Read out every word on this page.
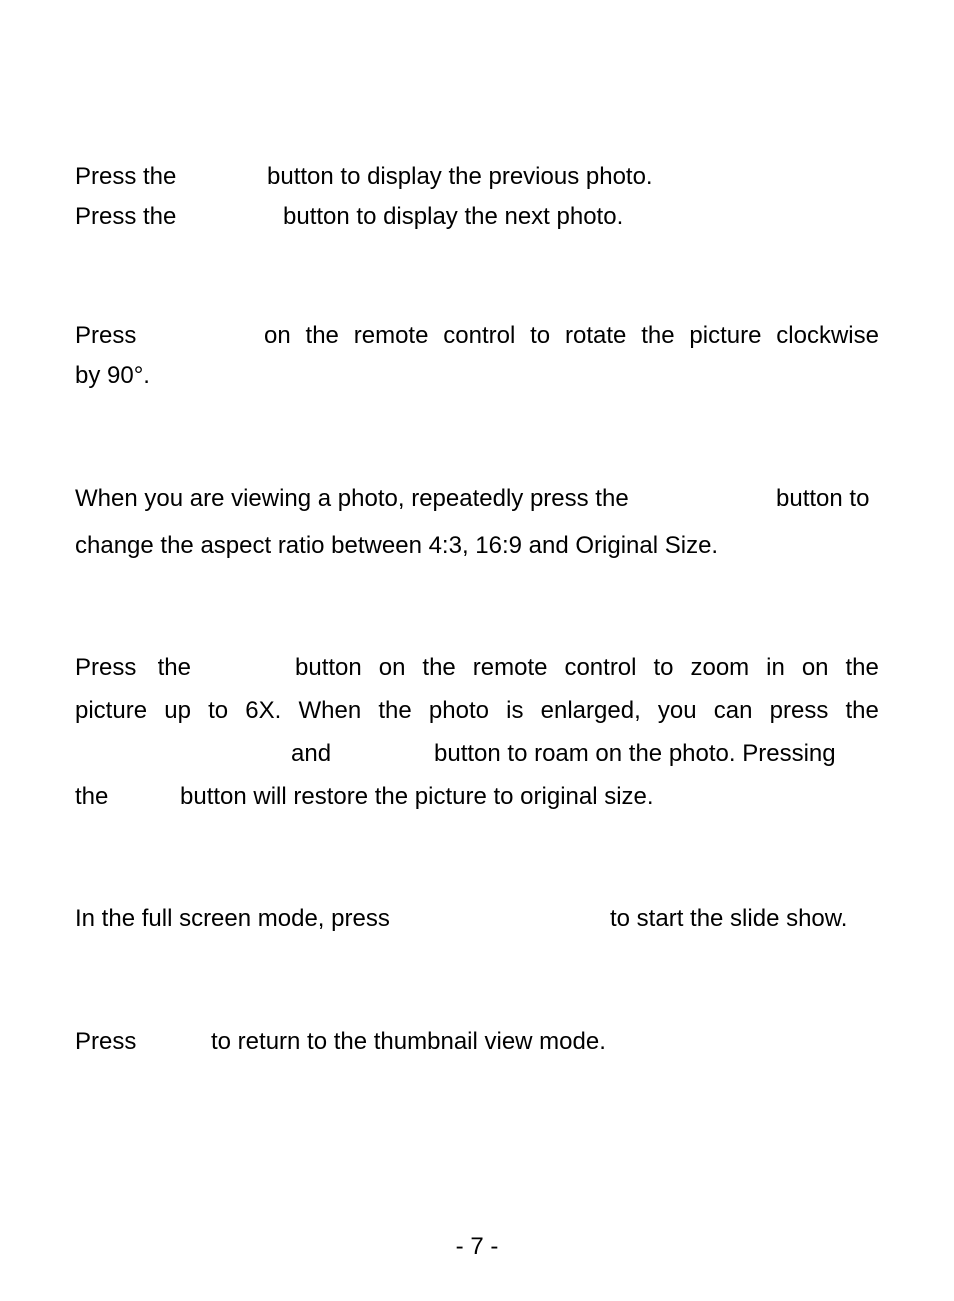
Press the	button to display the previous photo.
Press the	button to display the next photo.
Press	on the remote control to rotate the picture clockwise
by 90°.
When you are viewing a photo, repeatedly press the	button to
change the aspect ratio between 4:3, 16:9 and Original Size.
Press the	button on the remote control to zoom in on the
picture up to 6X. When the photo is enlarged, you can press the
and	button to roam on the photo. Pressing
the	button will restore the picture to original size.
In the full screen mode, press	to start the slide show.
Press	to return to the thumbnail view mode.
- 7 -
